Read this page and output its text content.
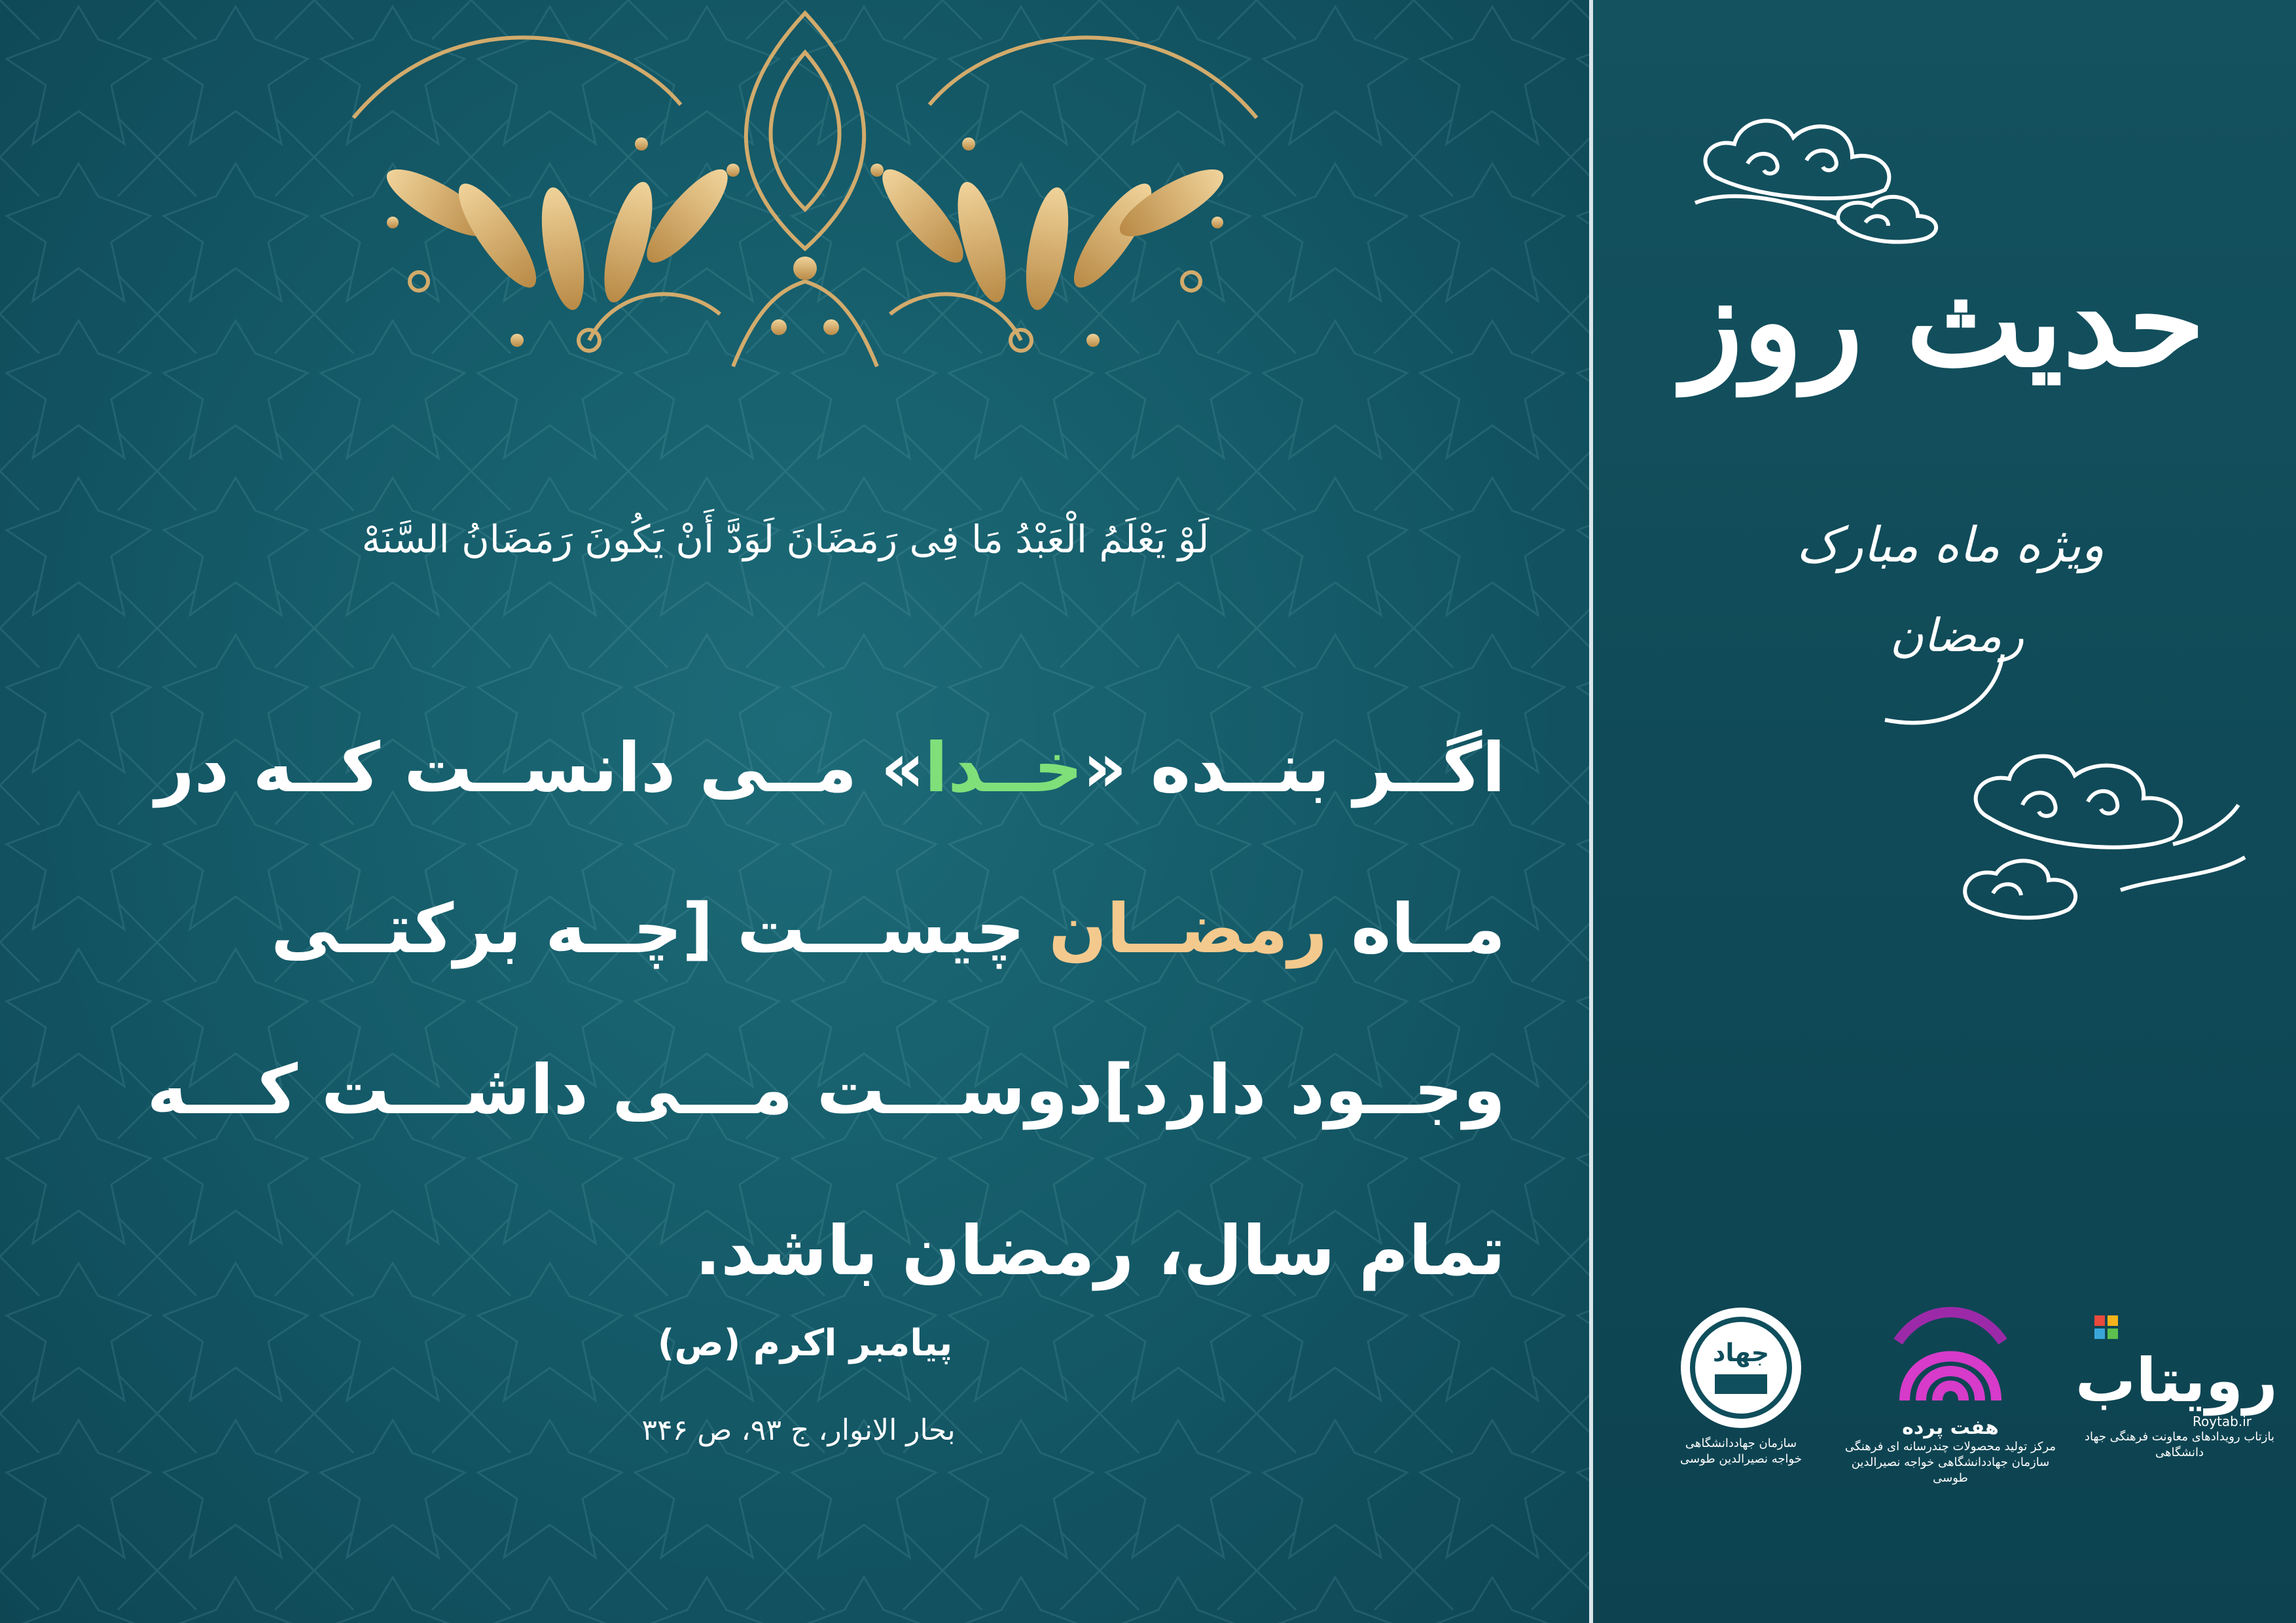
لَوْ يَعْلَمُ الْعَبْدُ مَا فِى رَمَضَانَ لَوَدَّ أَنْ يَكُونَ رَمَضَانُ السَّنَهْ
اگــر بنــده «خــدا» مــی دانســت کــه در
مــاه رمضــان چیســـت [چــه برکتــی
وجــود دارد]دوســـت مـــی داشـــت کـــه
تمام سال، رمضان باشد.
پیامبر اکرم (ص)
بحار الانوار، ج ۹۳، ص ۳۴۶
حدیث روز
ویژه ماه مبارک
رمضان
جهاد
سازمان جهاددانشگاهی
خواجه نصیرالدین طوسی
هفت پرده
مرکز تولید محصولات چندرسانه ای فرهنگی
سازمان جهاددانشگاهی خواجه نصیرالدین طوسی
رویتاب
Roytab.ir
بازتاب رویدادهای معاونت فرهنگی جهاد دانشگاهی
